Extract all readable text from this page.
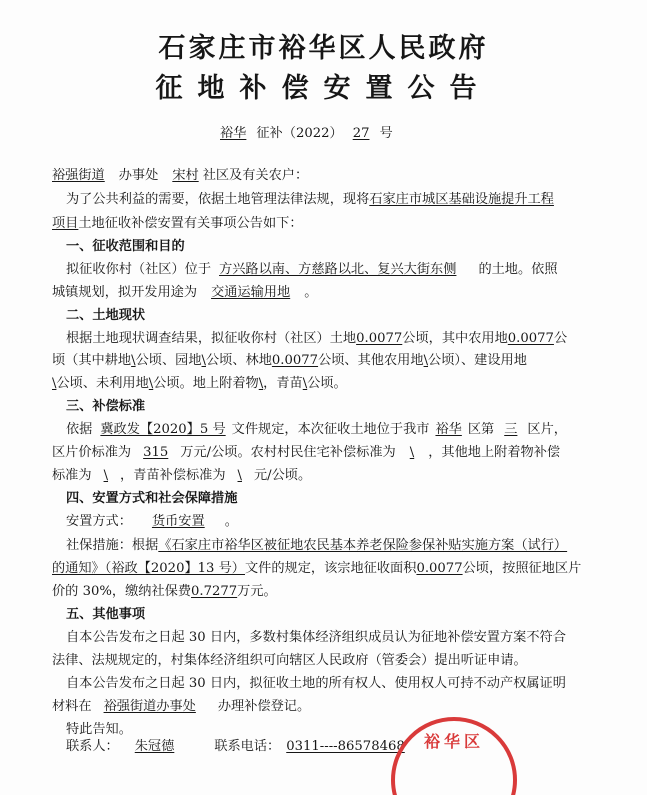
石家庄市裕华区人民政府
征地补偿安置公告
裕华 征补（2022） 27 号
裕强街道 办事处 宋村 社区及有关农户：
为了公共利益的需要，依据土地管理法律法规，现将石家庄市城区基础设施提升工程
项目土地征收补偿安置有关事项公告如下：
一、征收范围和目的
拟征收你村（社区）位于 方兴路以南、方慈路以北、复兴大街东侧 的土地。依照
城镇规划，拟开发用途为 交通运输用地 。
二、土地现状
根据土地现状调查结果，拟征收你村（社区）土地0.0077公顷，其中农用地0.0077公
顷（其中耕地\公顷、园地\公顷、林地0.0077公顷、其他农用地\公顷）、建设用地
\公顷、未利用地\公顷。地上附着物\，青苗\公顷。
三、补偿标准
依据 冀政发【2020】5 号 文件规定，本次征收土地位于我市 裕华 区第 三 区片，
区片价标准为 315 万元/公顷。农村村民住宅补偿标准为 \ ，其他地上附着物补偿
标准为 \ ，青苗补偿标准为 \ 元/公顷。
四、安置方式和社会保障措施
安置方式： 货币安置 。
社保措施：根据《石家庄市裕华区被征地农民基本养老保险参保补贴实施方案（试行）
的通知》（裕政【2020】13 号）文件的规定，该宗地征收面积0.0077公顷，按照征地区片
价的 30%，缴纳社保费0.7277万元。
五、其他事项
自本公告发布之日起 30 日内，多数村集体经济组织成员认为征地补偿安置方案不符合
法律、法规规定的，村集体经济组织可向辖区人民政府（管委会）提出听证申请。
自本公告发布之日起 30 日内，拟征收土地的所有权人、使用权人可持不动产权属证明
材料在 裕强街道办事处 办理补偿登记。
特此告知。
联系人： 朱冠德	联系电话： 0311----86578468	裕华区
